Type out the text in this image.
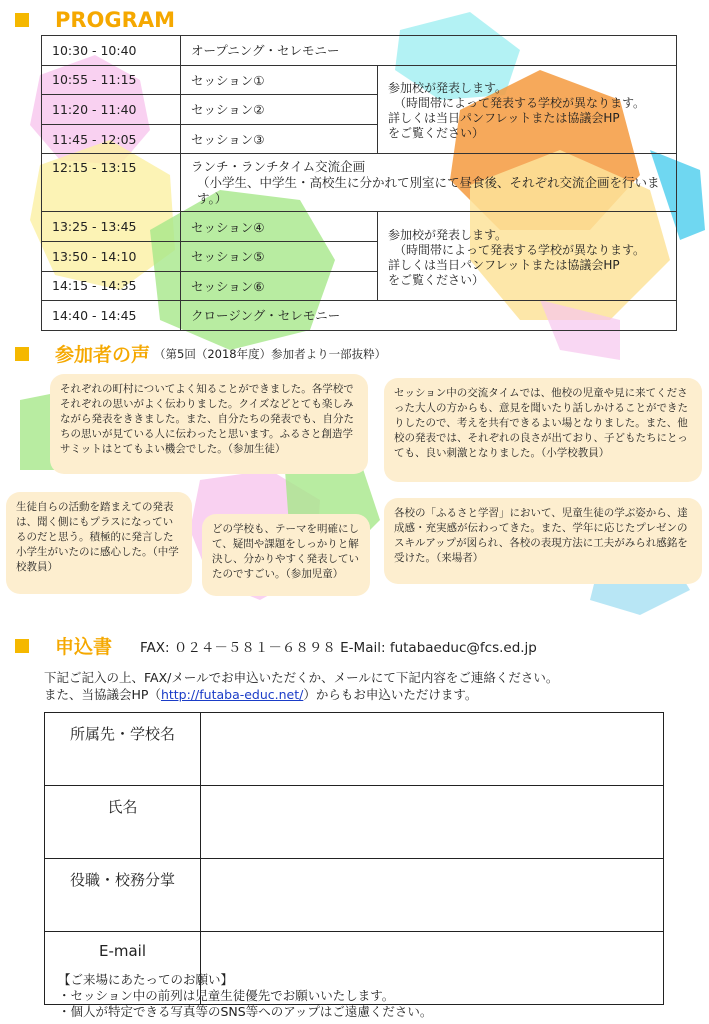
PROGRAM
10:30 - 10:40	オープニング・セレモニー	
10:55 - 11:15	セッション①	参加校が発表します。
（時間帯によって発表する学校が異なります。
詳しくは当日パンフレットまたは協議会HP
をご覧ください）

11:20 - 11:40	セッション②	
11:45 - 12:05	セッション③	
12:15 - 13:15	ランチ・ランチタイム交流企画
（小学生、中学生・高校生に分かれて別室にて昼食後、それぞれ交流企画を行います。）	

13:25 - 13:45	セッション④	参加校が発表します。
（時間帯によって発表する学校が異なります。
詳しくは当日パンフレットまたは協議会HP
をご覧ください）

13:50 - 14:10	セッション⑤	
14:15 - 14:35	セッション⑥	
14:40 - 14:45	クロージング・セレモニー	
参加者の声 （第5回（2018年度）参加者より一部抜粋）
それぞれの町村についてよく知ることができました。各学校でそれぞれの思いがよく伝わりました。クイズなどとても楽しみながら発表をききました。また、自分たちの発表でも、自分たちの思いが見ている人に伝わったと思います。ふるさと創造学サミットはとてもよい機会でした。（参加生徒）
セッション中の交流タイムでは、他校の児童や見に来てくださった大人の方からも、意見を聞いたり話しかけることができたりしたので、考えを共有できるよい場となりました。また、他校の発表では、それぞれの良さが出ており、子どもたちにとっても、良い刺激となりました。（小学校教員）
生徒自らの活動を踏まえての発表は、聞く側にもプラスになっているのだと思う。積極的に発言した小学生がいたのに感心した。（中学校教員）
どの学校も、テーマを明確にして、疑問や課題をしっかりと解決し、分かりやすく発表していたのですごい。（参加児童）
各校の「ふるさと学習」において、児童生徒の学ぶ姿から、達成感・充実感が伝わってきた。また、学年に応じたプレゼンのスキルアップが図られ、各校の表現方法に工夫がみられ感銘を受けた。（来場者）
申込書 FAX: ０２４－５８１－６８９８ E-Mail: futabaeduc@fcs.ed.jp
下記ご記入の上、FAX/メールでお申込いただくか、メールにて下記内容をご連絡ください。
また、当協議会HP（http://futaba-educ.net/）からもお申込いただけます。
所属先・学校名	
氏名	
役職・校務分掌	
E-mail	
【ご来場にあたってのお願い】
・セッション中の前列は児童生徒優先でお願いいたします。
・個人が特定できる写真等のSNS等へのアップはご遠慮ください。
